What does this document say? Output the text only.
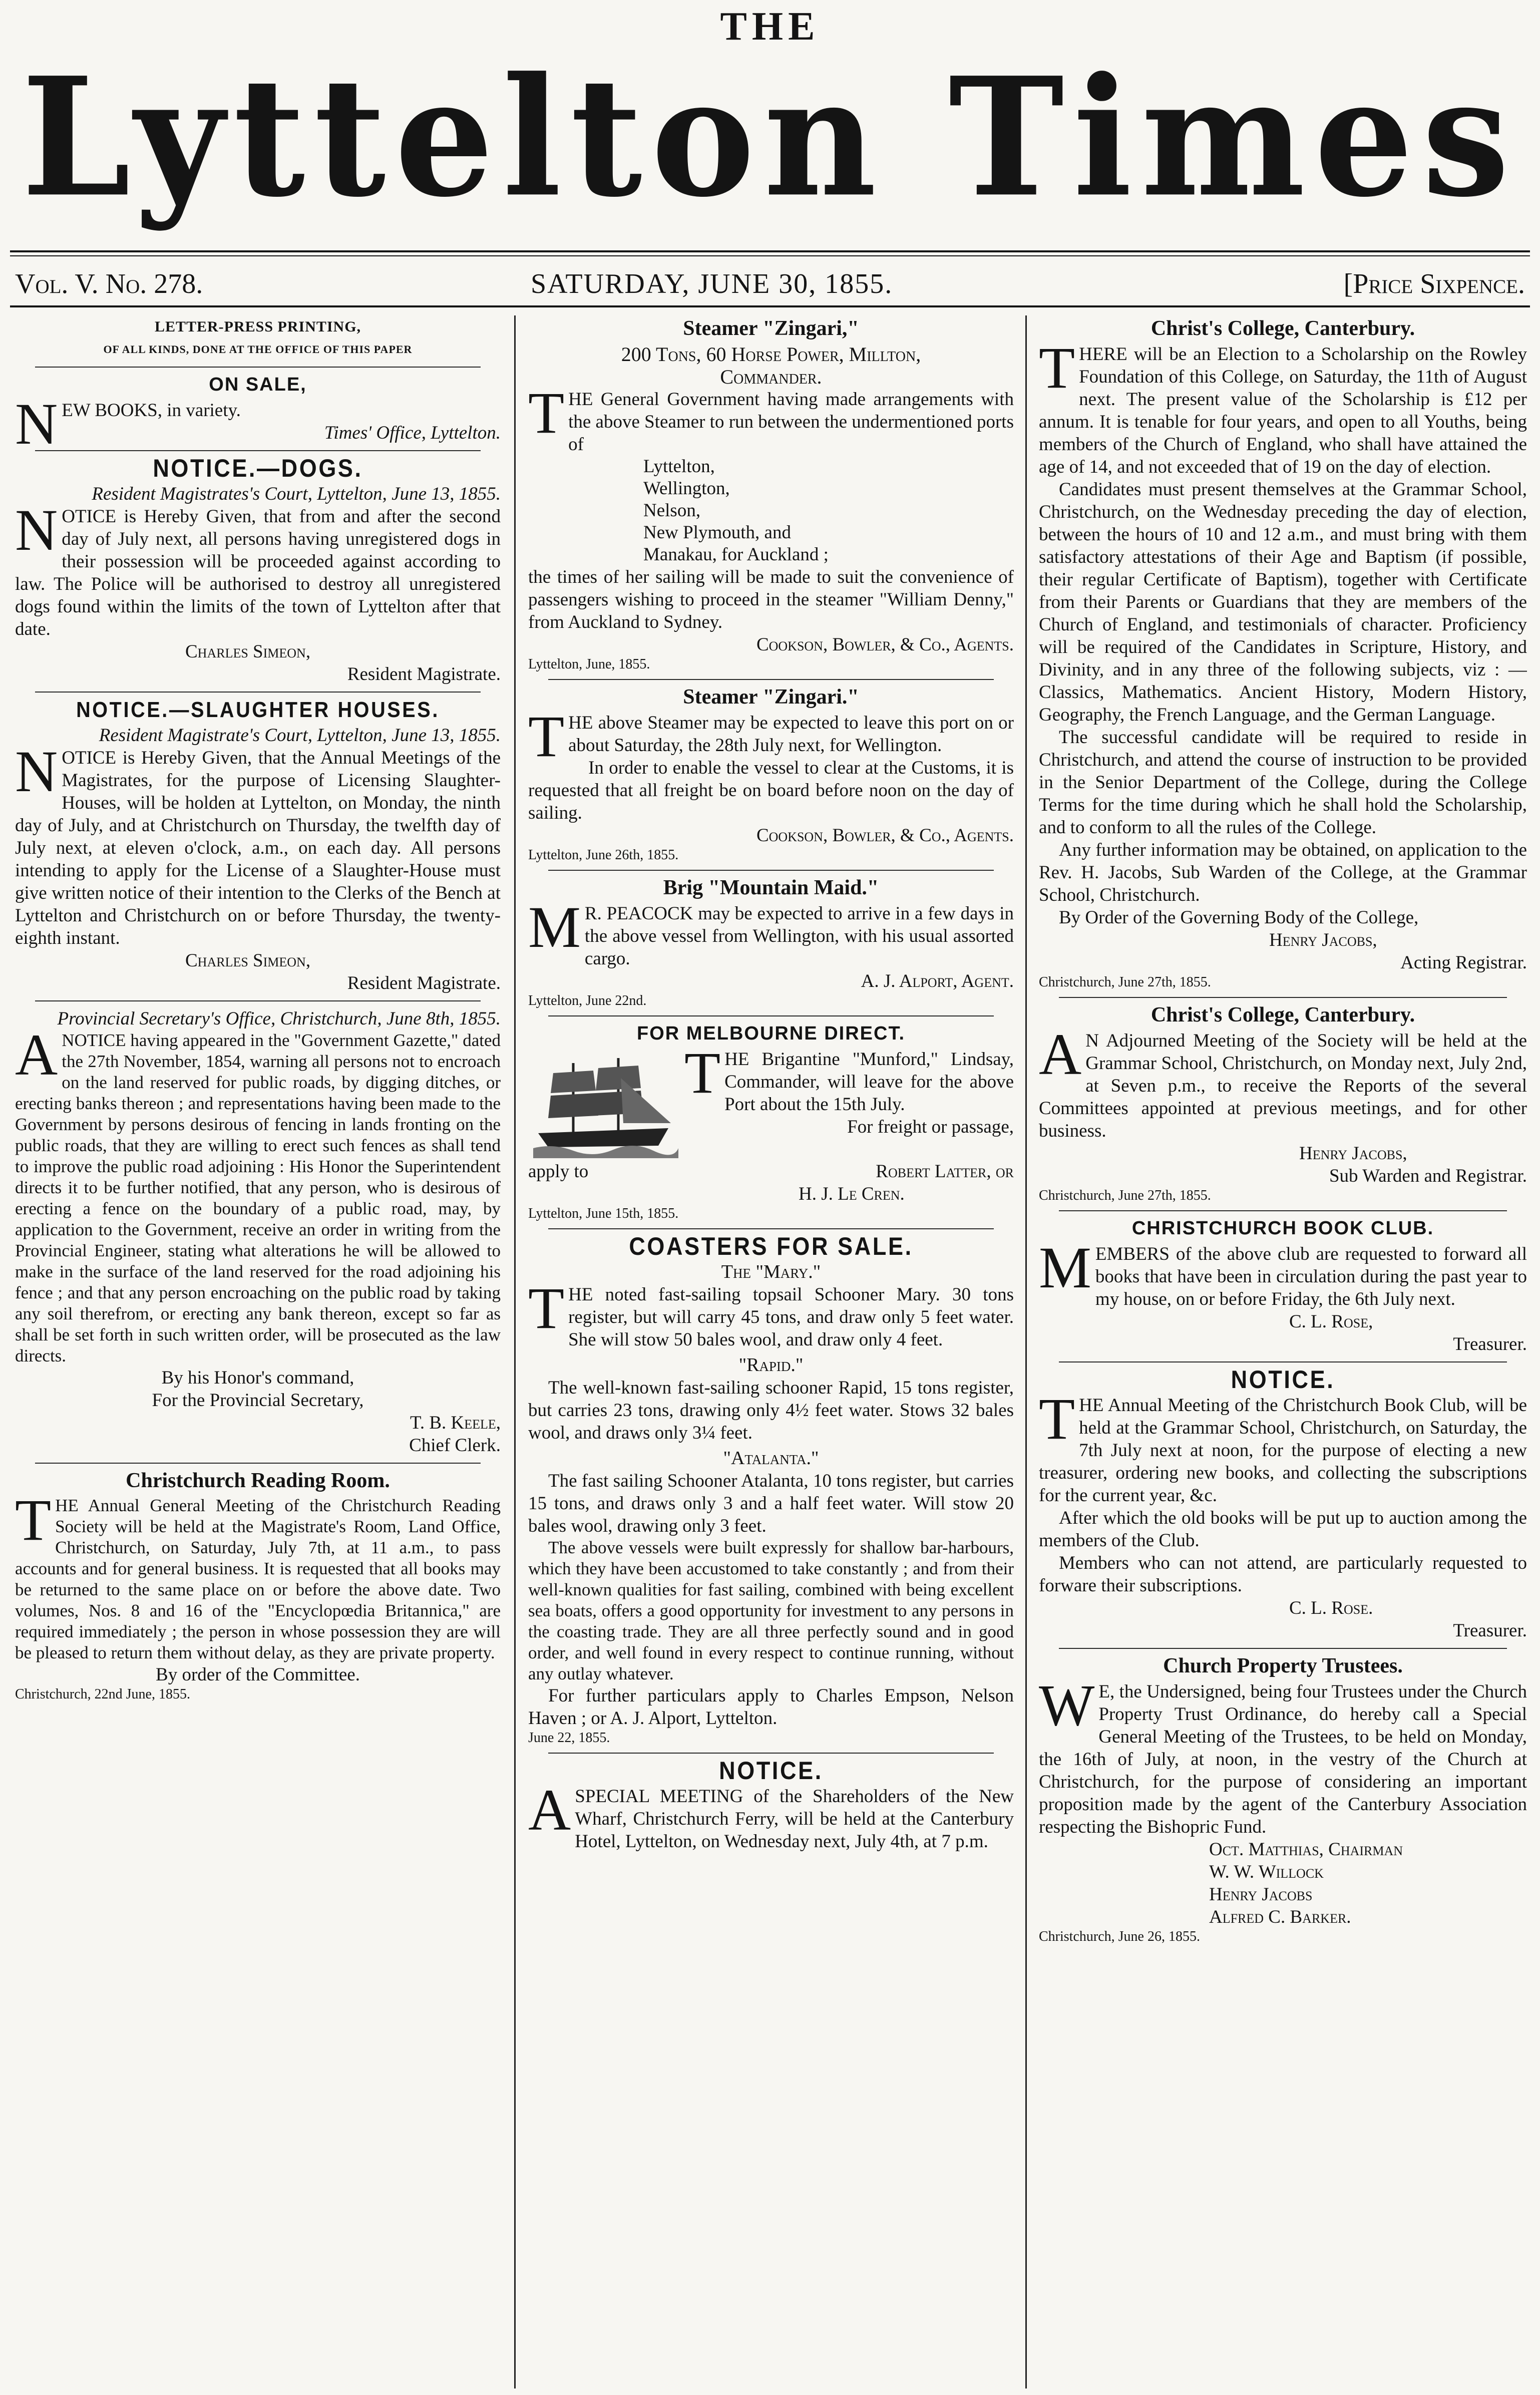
THE
Lyttelton Times
Vol. V. No. 278.	SATURDAY, JUNE 30, 1855.	[Price Sixpence.
LETTER-PRESS PRINTING,
OF ALL KINDS, DONE AT THE OFFICE OF THIS PAPER
ON SALE,

NEW BOOKS, in variety.

Times' Office, Lyttelton.

NOTICE.—DOGS.

Resident Magistrates's Court, Lyttelton, June 13, 1855.

NOTICE is Hereby Given, that from and after the second day of July next, all persons having unregistered dogs in their possession will be proceeded against according to law. The Police will be authorised to destroy all unregistered dogs found within the limits of the town of Lyttelton after that date.

Charles Simeon,

Resident Magistrate.

NOTICE.—SLAUGHTER HOUSES.

Resident Magistrate's Court, Lyttelton, June 13, 1855.

NOTICE is Hereby Given, that the Annual Meetings of the Magistrates, for the purpose of Licensing Slaughter-Houses, will be holden at Lyttelton, on Monday, the ninth day of July, and at Christchurch on Thursday, the twelfth day of July next, at eleven o'clock, a.m., on each day. All persons intending to apply for the License of a Slaughter-House must give written notice of their intention to the Clerks of the Bench at Lyttelton and Christchurch on or before Thursday, the twenty-eighth instant.

Charles Simeon,

Resident Magistrate.

Provincial Secretary's Office, Christchurch, June 8th, 1855.

ANOTICE having appeared in the "Government Gazette," dated the 27th November, 1854, warning all persons not to encroach on the land reserved for public roads, by digging ditches, or erecting banks thereon ; and representations having been made to the Government by persons desirous of fencing in lands fronting on the public roads, that they are willing to erect such fences as shall tend to improve the public road adjoining : His Honor the Superintendent directs it to be further notified, that any person, who is desirous of erecting a fence on the boundary of a public road, may, by application to the Government, receive an order in writing from the Provincial Engineer, stating what alterations he will be allowed to make in the surface of the land reserved for the road adjoining his fence ; and that any person encroaching on the public road by taking any soil therefrom, or erecting any bank thereon, except so far as shall be set forth in such written order, will be prosecuted as the law directs.

By his Honor's command,

For the Provincial Secretary,

T. B. Keele,

Chief Clerk.

Christchurch Reading Room.

THE Annual General Meeting of the Christchurch Reading Society will be held at the Magistrate's Room, Land Office, Christchurch, on Saturday, July 7th, at 11 a.m., to pass accounts and for general business. It is requested that all books may be returned to the same place on or before the above date. Two volumes, Nos. 8 and 16 of the "Encyclopœdia Britannica," are required immediately ; the person in whose possession they are will be pleased to return them without delay, as they are private property.

By order of the Committee.

Christchurch, 22nd June, 1855.

Steamer "Zingari,"
200 Tons, 60 Horse Power, Millton,
Commander.

THE General Government having made arrangements with the above Steamer to run between the undermentioned ports of

Lyttelton,

Wellington,

Nelson,

New Plymouth, and

Manakau, for Auckland ;

the times of her sailing will be made to suit the convenience of passengers wishing to proceed in the steamer "William Denny," from Auckland to Sydney.

Cookson, Bowler, & Co., Agents.

Lyttelton, June, 1855.

Steamer "Zingari."

THE above Steamer may be expected to leave this port on or about Saturday, the 28th July next, for Wellington.

In order to enable the vessel to clear at the Customs, it is requested that all freight be on board before noon on the day of sailing.

Cookson, Bowler, & Co., Agents.

Lyttelton, June 26th, 1855.

Brig "Mountain Maid."

MR. PEACOCK may be expected to arrive in a few days in the above vessel from Wellington, with his usual assorted cargo.

A. J. Alport, Agent.

Lyttelton, June 22nd.

FOR MELBOURNE DIRECT.

THE Brigantine "Munford," Lindsay, Commander, will leave for the above Port about the 15th July.

For freight or passage,

apply to	Robert Latter, or

H. J. Le Cren.

Lyttelton, June 15th, 1855.

COASTERS FOR SALE.
The "Mary."

THE noted fast-sailing topsail Schooner Mary. 30 tons register, but will carry 45 tons, and draw only 5 feet water. She will stow 50 bales wool, and draw only 4 feet.

"Rapid."

The well-known fast-sailing schooner Rapid, 15 tons register, but carries 23 tons, drawing only 4½ feet water. Stows 32 bales wool, and draws only 3¼ feet.

"Atalanta."

The fast sailing Schooner Atalanta, 10 tons register, but carries 15 tons, and draws only 3 and a half feet water. Will stow 20 bales wool, drawing only 3 feet.

The above vessels were built expressly for shallow bar-harbours, which they have been accustomed to take constantly ; and from their well-known qualities for fast sailing, combined with being excellent sea boats, offers a good opportunity for investment to any persons in the coasting trade. They are all three perfectly sound and in good order, and well found in every respect to continue running, without any outlay whatever.

For further particulars apply to Charles Empson, Nelson Haven ; or A. J. Alport, Lyttelton.

June 22, 1855.

NOTICE.

ASPECIAL MEETING of the Shareholders of the New Wharf, Christchurch Ferry, will be held at the Canterbury Hotel, Lyttelton, on Wednesday next, July 4th, at 7 p.m.

Christ's College, Canterbury.

THERE will be an Election to a Scholarship on the Rowley Foundation of this College, on Saturday, the 11th of August next. The present value of the Scholarship is £12 per annum. It is tenable for four years, and open to all Youths, being members of the Church of England, who shall have attained the age of 14, and not exceeded that of 19 on the day of election.

Candidates must present themselves at the Grammar School, Christchurch, on the Wednesday preceding the day of election, between the hours of 10 and 12 a.m., and must bring with them satisfactory attestations of their Age and Baptism (if possible, their regular Certificate of Baptism), together with Certificate from their Parents or Guardians that they are members of the Church of England, and testimonials of character. Proficiency will be required of the Candidates in Scripture, History, and Divinity, and in any three of the following subjects, viz : —Classics, Mathematics. Ancient History, Modern History, Geography, the French Language, and the German Language.

The successful candidate will be required to reside in Christchurch, and attend the course of instruction to be provided in the Senior Department of the College, during the College Terms for the time during which he shall hold the Scholarship, and to conform to all the rules of the College.

Any further information may be obtained, on application to the Rev. H. Jacobs, Sub Warden of the College, at the Grammar School, Christchurch.

By Order of the Governing Body of the College,

Henry Jacobs,

Acting Registrar.

Christchurch, June 27th, 1855.

Christ's College, Canterbury.

AN Adjourned Meeting of the Society will be held at the Grammar School, Christchurch, on Monday next, July 2nd, at Seven p.m., to receive the Reports of the several Committees appointed at previous meetings, and for other business.

Henry Jacobs,

Sub Warden and Registrar.

Christchurch, June 27th, 1855.

CHRISTCHURCH BOOK CLUB.

MEMBERS of the above club are requested to forward all books that have been in circulation during the past year to my house, on or before Friday, the 6th July next.

C. L. Rose,

Treasurer.

NOTICE.

THE Annual Meeting of the Christchurch Book Club, will be held at the Grammar School, Christchurch, on Saturday, the 7th July next at noon, for the purpose of electing a new treasurer, ordering new books, and collecting the subscriptions for the current year, &c.

After which the old books will be put up to auction among the members of the Club.

Members who can not attend, are particularly requested to forware their subscriptions.

C. L. Rose.

Treasurer.

Church Property Trustees.

WE, the Undersigned, being four Trustees under the Church Property Trust Ordinance, do hereby call a Special General Meeting of the Trustees, to be held on Monday, the 16th of July, at noon, in the vestry of the Church at Christchurch, for the purpose of considering an important proposition made by the agent of the Canterbury Association respecting the Bishopric Fund.

Oct. Matthias, Chairman

W. W. Willock

Henry Jacobs

Alfred C. Barker.

Christchurch, June 26, 1855.
